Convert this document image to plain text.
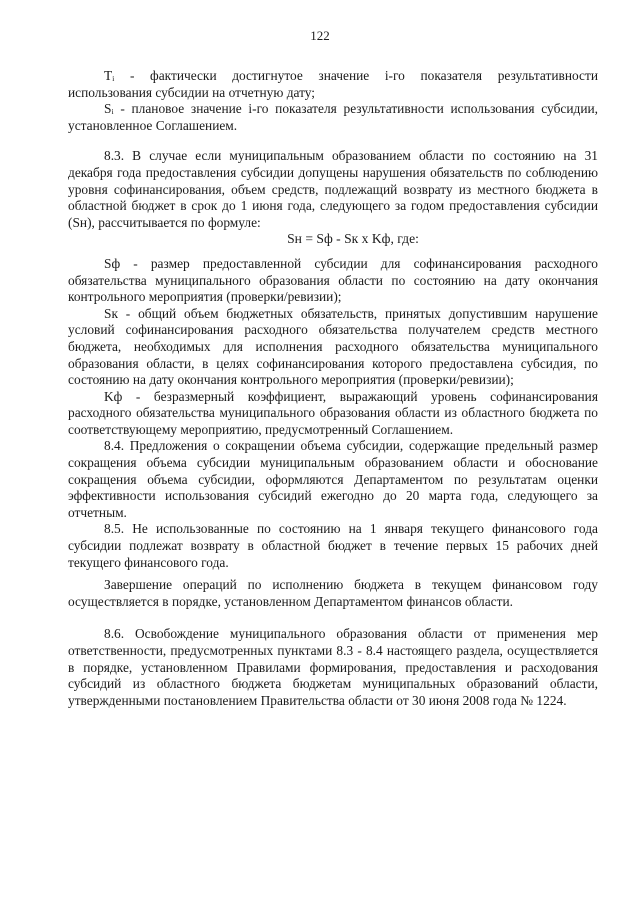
122

Tᵢ - фактически достигнутое значение i-го показателя результативности использования субсидии на отчетную дату;

Sᵢ - плановое значение i-го показателя результативности использования субсидии, установленное Соглашением.

8.3. В случае если муниципальным образованием области по состоянию на 31 декабря года предоставления субсидии допущены нарушения обязательств по соблюдению уровня софинансирования, объем средств, подлежащий возврату из местного бюджета в областной бюджет в срок до 1 июня года, следующего за годом предоставления субсидии (Sн), рассчитывается по формуле:

Sн = Sф - Sк x Kф, где:

Sф - размер предоставленной субсидии для софинансирования расходного обязательства муниципального образования области по состоянию на дату окончания контрольного мероприятия (проверки/ревизии);

Sк - общий объем бюджетных обязательств, принятых допустившим нарушение условий софинансирования расходного обязательства получателем средств местного бюджета, необходимых для исполнения расходного обязательства муниципального образования области, в целях софинансирования которого предоставлена субсидия, по состоянию на дату окончания контрольного мероприятия (проверки/ревизии);

Kф - безразмерный коэффициент, выражающий уровень софинансирования расходного обязательства муниципального образования области из областного бюджета по соответствующему мероприятию, предусмотренный Соглашением.

8.4. Предложения о сокращении объема субсидии, содержащие предельный размер сокращения объема субсидии муниципальным образованием области и обоснование сокращения объема субсидии, оформляются Департаментом по результатам оценки эффективности использования субсидий ежегодно до 20 марта года, следующего за отчетным.

8.5. Не использованные по состоянию на 1 января текущего финансового года субсидии подлежат возврату в областной бюджет в течение первых 15 рабочих дней текущего финансового года.

Завершение операций по исполнению бюджета в текущем финансовом году осуществляется в порядке, установленном Департаментом финансов области.

8.6. Освобождение муниципального образования области от применения мер ответственности, предусмотренных пунктами 8.3 - 8.4 настоящего раздела, осуществляется в порядке, установленном Правилами формирования, предоставления и расходования субсидий из областного бюджета бюджетам муниципальных образований области, утвержденными постановлением Правительства области от 30 июня 2008 года № 1224.
